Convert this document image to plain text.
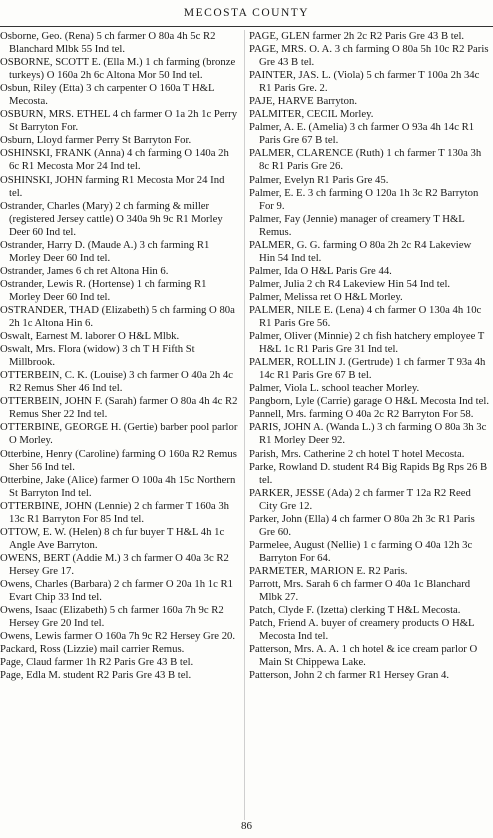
MECOSTA COUNTY

Osborne, Geo. (Rena) 5 ch farmer O 80a 4h 5c R2 Blanchard Mlbk 55 Ind tel.

OSBORNE, SCOTT E. (Ella M.) 1 ch farming (bronze turkeys) O 160a 2h 6c Altona Mor 50 Ind tel.

Osbun, Riley (Etta) 3 ch carpenter O 160a T H&L Mecosta.

OSBURN, MRS. ETHEL 4 ch farmer O 1a 2h 1c Perry St Barryton For.

Osburn, Lloyd farmer Perry St Barryton For.

OSHINSKI, FRANK (Anna) 4 ch farming O 140a 2h 6c R1 Mecosta Mor 24 Ind tel.

OSHINSKI, JOHN farming R1 Mecosta Mor 24 Ind tel.

Ostrander, Charles (Mary) 2 ch farming & miller (registered Jersey cattle) O 340a 9h 9c R1 Morley Deer 60 Ind tel.

Ostrander, Harry D. (Maude A.) 3 ch farming R1 Morley Deer 60 Ind tel.

Ostrander, James 6 ch ret Altona Hin 6.

Ostrander, Lewis R. (Hortense) 1 ch farming R1 Morley Deer 60 Ind tel.

OSTRANDER, THAD (Elizabeth) 5 ch farming O 80a 2h 1c Altona Hin 6.

Oswalt, Earnest M. laborer O H&L Mlbk.

Oswalt, Mrs. Flora (widow) 3 ch T H Fifth St Millbrook.

OTTERBEIN, C. K. (Louise) 3 ch farmer O 40a 2h 4c R2 Remus Sher 46 Ind tel.

OTTERBEIN, JOHN F. (Sarah) farmer O 80a 4h 4c R2 Remus Sher 22 Ind tel.

OTTERBINE, GEORGE H. (Gertie) barber pool parlor O Morley.

Otterbine, Henry (Caroline) farming O 160a R2 Remus Sher 56 Ind tel.

Otterbine, Jake (Alice) farmer O 100a 4h 15c Northern St Barryton Ind tel.

OTTERBINE, JOHN (Lennie) 2 ch farmer T 160a 3h 13c R1 Barryton For 85 Ind tel.

OTTOW, E. W. (Helen) 8 ch fur buyer T H&L 4h 1c Angle Ave Barryton.

OWENS, BERT (Addie M.) 3 ch farmer O 40a 3c R2 Hersey Gre 17.

Owens, Charles (Barbara) 2 ch farmer O 20a 1h 1c R1 Evart Chip 33 Ind tel.

Owens, Isaac (Elizabeth) 5 ch farmer 160a 7h 9c R2 Hersey Gre 20 Ind tel.

Owens, Lewis farmer O 160a 7h 9c R2 Hersey Gre 20.

Packard, Ross (Lizzie) mail carrier Remus.

Page, Claud farmer 1h R2 Paris Gre 43 B tel.

Page, Edla M. student R2 Paris Gre 43 B tel.

PAGE, GLEN farmer 2h 2c R2 Paris Gre 43 B tel.

PAGE, MRS. O. A. 3 ch farming O 80a 5h 10c R2 Paris Gre 43 B tel.

PAINTER, JAS. L. (Viola) 5 ch farmer T 100a 2h 34c R1 Paris Gre. 2.

PAJE, HARVE Barryton.

PALMITER, CECIL Morley.

Palmer, A. E. (Amelia) 3 ch farmer O 93a 4h 14c R1 Paris Gre 67 B tel.

PALMER, CLARENCE (Ruth) 1 ch farmer T 130a 3h 8c R1 Paris Gre 26.

Palmer, Evelyn R1 Paris Gre 45.

Palmer, E. E. 3 ch farming O 120a 1h 3c R2 Barryton For 9.

Palmer, Fay (Jennie) manager of creamery T H&L Remus.

PALMER, G. G. farming O 80a 2h 2c R4 Lakeview Hin 54 Ind tel.

Palmer, Ida O H&L Paris Gre 44.

Palmer, Julia 2 ch R4 Lakeview Hin 54 Ind tel.

Palmer, Melissa ret O H&L Morley.

PALMER, NILE E. (Lena) 4 ch farmer O 130a 4h 10c R1 Paris Gre 56.

Palmer, Oliver (Minnie) 2 ch fish hatchery employee T H&L 1c R1 Paris Gre 31 Ind tel.

PALMER, ROLLIN J. (Gertrude) 1 ch farmer T 93a 4h 14c R1 Paris Gre 67 B tel.

Palmer, Viola L. school teacher Morley.

Pangborn, Lyle (Carrie) garage O H&L Mecosta Ind tel.

Pannell, Mrs. farming O 40a 2c R2 Barryton For 58.

PARIS, JOHN A. (Wanda L.) 3 ch farming O 80a 3h 3c R1 Morley Deer 92.

Parish, Mrs. Catherine 2 ch hotel T hotel Mecosta.

Parke, Rowland D. student R4 Big Rapids Bg Rps 26 B tel.

PARKER, JESSE (Ada) 2 ch farmer T 12a R2 Reed City Gre 12.

Parker, John (Ella) 4 ch farmer O 80a 2h 3c R1 Paris Gre 60.

Parmelee, August (Nellie) 1 c farming O 40a 12h 3c Barryton For 64.

PARMETER, MARION E. R2 Paris.

Parrott, Mrs. Sarah 6 ch farmer O 40a 1c Blanchard Mlbk 27.

Patch, Clyde F. (Izetta) clerking T H&L Mecosta.

Patch, Friend A. buyer of creamery products O H&L Mecosta Ind tel.

Patterson, Mrs. A. A. 1 ch hotel & ice cream parlor O Main St Chippewa Lake.

Patterson, John 2 ch farmer R1 Hersey Gran 4.

86
